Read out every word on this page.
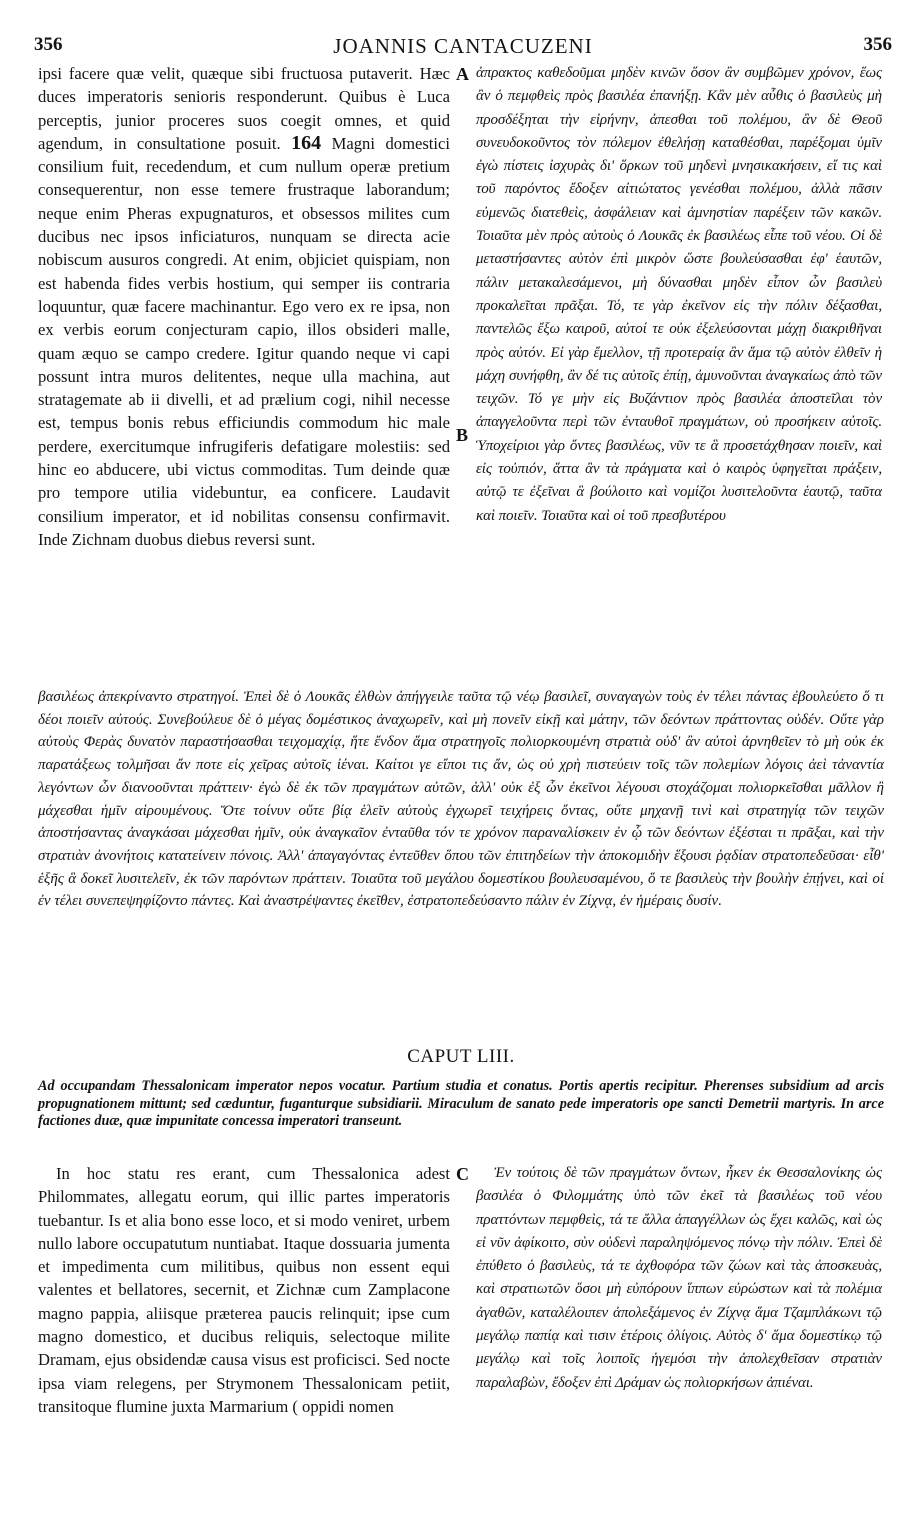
356	JOANNIS CANTACUZENI	356

ipsi facere quæ velit, quæque sibi fructuosa putaverit. Hæc duces imperatoris senioris responderunt. Quibus è Luca perceptis, junior proceres suos coegit omnes, et quid agendum, in consultatione posuit. 164 Magni domestici consilium fuit, recedendum, et cum nullum operæ pretium consequerentur, non esse temere frustraque laborandum; neque enim Pheras expugnaturos, et obsessos milites cum ducibus nec ipsos inficiaturos, nunquam se directa acie nobiscum ausuros congredi. At enim, objiciet quispiam, non est habenda fides verbis hostium, qui semper iis contraria loquuntur, quæ facere machinantur. Ego vero ex re ipsa, non ex verbis eorum conjecturam capio, illos obsideri malle, quam æquo se campo credere. Igitur quando neque vi capi possunt intra muros delitentes, neque ulla machina, aut stratagemate ab ii divelli, et ad prælium cogi, nihil necesse est, tempus bonis rebus efficiundis commodum hic male perdere, exercitumque infrugiferis defatigare molestiis: sed hinc eo abducere, ubi victus commoditas. Tum deinde quæ pro tempore utilia videbuntur, ea conficere. Laudavit consilium imperator, et id nobilitas consensu confirmavit. Inde Zichnam duobus diebus reversi sunt.

A
B

ἀπρακτος καθεδοῦμαι μηδὲν κινῶν ὅσον ἂν συμβῶμεν χρόνον, ἕως ἂν ὁ πεμφθεὶς πρὸς βασιλέα ἐπανήξῃ. Κἂν μὲν αὖθις ὁ βασιλεὺς μὴ προσδέξηται τὴν εἰρήνην, ἀπεσθαι τοῦ πολέμου, ἂν δὲ Θεοῦ συνευδοκοῦντος τὸν πόλεμον ἐθελήσῃ καταθέσθαι, παρέξομαι ὑμῖν ἐγὼ πίστεις ἰσχυρὰς δι' ὅρκων τοῦ μηδενὶ μνησικακήσειν, εἴ τις καὶ τοῦ παρόντος ἔδοξεν αἰτιώτατος γενέσθαι πολέμου, ἀλλὰ πᾶσιν εὐμενῶς διατεθεὶς, ἀσφάλειαν καὶ ἀμνηστίαν παρέξειν τῶν κακῶν. Τοιαῦτα μὲν πρὸς αὐτοὺς ὁ Λουκᾶς ἐκ βασιλέως εἶπε τοῦ νέου. Οἱ δὲ μεταστήσαντες αὐτὸν ἐπὶ μικρὸν ὥστε βουλεύσασθαι ἐφ' ἑαυτῶν, πάλιν μετακαλεσάμενοι, μὴ δύνασθαι μηδὲν εἶπον ὧν βασιλεὺ προκαλεῖται πρᾶξαι. Τό, τε γὰρ ἐκεῖνον εἰς τὴν πόλιν δέξασθαι, παντελῶς ἔξω καιροῦ, αὐτοί τε οὐκ ἐξελεύσονται μάχῃ διακριθῆναι πρὸς αὐτόν. Εἰ γὰρ ἔμελλον, τῇ προτεραίᾳ ἂν ἅμα τῷ αὐτὸν ἐλθεῖν ἡ μάχη συνήφθη, ἂν δέ τις αὐτοῖς ἐπίῃ, ἀμυνοῦνται ἀναγκαίως ἀπὸ τῶν τειχῶν. Τό γε μὴν εἰς Βυζάντιον πρὸς βασιλέα ἀποστεῖλαι τὸν ἀπαγγελοῦντα περὶ τῶν ἐνταυθοῖ πραγμάτων, οὐ προσήκειν αὐτοῖς. Ὑποχείριοι γὰρ ὄντες βασιλέως, νῦν τε ἃ προσετάχθησαν ποιεῖν, καὶ εἰς τοὐπιόν, ἅττα ἂν τὰ πράγματα καὶ ὁ καιρὸς ὑφηγεῖται πράξειν, αὐτῷ τε ἐξεῖναι ἃ βούλοιτο καὶ νομίζοι λυσιτελοῦντα ἑαυτῷ, ταῦτα καὶ ποιεῖν. Τοιαῦτα καὶ οἱ τοῦ πρεσβυτέρου

βασιλέως ἀπεκρίναντο στρατηγοί. Ἐπεὶ δὲ ὁ Λουκᾶς ἐλθὼν ἀπήγγειλε ταῦτα τῷ νέῳ βασιλεῖ, συναγαγὼν τοὺς ἐν τέλει πάντας ἐβουλεύετο ὅ τι δέοι ποιεῖν αὐτούς. Συνεβούλευε δὲ ὁ μέγας δομέστικος ἀναχωρεῖν, καὶ μὴ πονεῖν εἰκῇ καὶ μάτην, τῶν δεόντων πράττοντας οὐδέν. Οὔτε γὰρ αὐτοὺς Φερὰς δυνατὸν παραστήσασθαι τειχομαχίᾳ, ἥτε ἔνδον ἅμα στρατηγοῖς πολιορκουμένη στρατιὰ οὐδ' ἂν αὐτοὶ ἀρνηθεῖεν τὸ μὴ οὐκ ἐκ παρατάξεως τολμῆσαι ἄν ποτε εἰς χεῖρας αὐτοῖς ἰέναι. Καίτοι γε εἴποι τις ἄν, ὡς οὐ χρὴ πιστεύειν τοῖς τῶν πολεμίων λόγοις ἀεὶ τἀναντία λεγόντων ὧν διανοοῦνται πράττειν· ἐγὼ δὲ ἐκ τῶν πραγμάτων αὐτῶν, ἀλλ' οὐκ ἐξ ὧν ἐκεῖνοι λέγουσι στοχάζομαι πολιορκεῖσθαι μᾶλλον ἢ μάχεσθαι ἡμῖν αἱρουμένους. Ὅτε τοίνυν οὔτε βίᾳ ἑλεῖν αὐτοὺς ἐγχωρεῖ τειχήρεις ὄντας, οὔτε μηχανῇ τινὶ καὶ στρατηγίᾳ τῶν τειχῶν ἀποστήσαντας ἀναγκάσαι μάχεσθαι ἡμῖν, οὐκ ἀναγκαῖον ἐνταῦθα τόν τε χρόνον παραναλίσκειν ἐν ᾧ τῶν δεόντων ἐξέσται τι πρᾶξαι, καὶ τὴν στρατιὰν ἀνονήτοις κατατείνειν πόνοις. Ἀλλ' ἀπαγαγόντας ἐντεῦθεν ὅπου τῶν ἐπιτηδείων τὴν ἀποκομιδὴν ἕξουσι ῥᾳδίαν στρατοπεδεῦσαι· εἶθ' ἑξῆς ἃ δοκεῖ λυσιτελεῖν, ἐκ τῶν παρόντων πράττειν. Τοιαῦτα τοῦ μεγάλου δομεστίκου βουλευσαμένου, ὅ τε βασιλεὺς τὴν βουλὴν ἐπῄνει, καὶ οἱ ἐν τέλει συνεπεψηφίζοντο πάντες. Καὶ ἀναστρέψαντες ἐκεῖθεν, ἐστρατοπεδεύσαντο πάλιν ἐν Ζίχνᾳ, ἐν ἡμέραις δυσίν.

CAPUT LIII.
Ad occupandam Thessalonicam imperator nepos vocatur. Partium studia et conatus. Portis apertis recipitur. Pherenses subsidium ad arcis propugnationem mittunt; sed cæduntur, fuganturque subsidiarii. Miraculum de sanato pede imperatoris ope sancti Demetrii martyris. In arce factiones duæ, quæ impunitate concessa imperatori transeunt.

In hoc statu res erant, cum Thessalonica adest Philommates, allegatu eorum, qui illic partes imperatoris tuebantur. Is et alia bono esse loco, et si modo veniret, urbem nullo labore occupatutum nuntiabat. Itaque dossuaria jumenta et impedimenta cum militibus, quibus non essent equi valentes et bellatores, secernit, et Zichnæ cum Zamplacone magno pappia, aliisque præterea paucis relinquit; ipse cum magno domestico, et ducibus reliquis, selectoque milite Dramam, ejus obsidendæ causa visus est proficisci. Sed nocte ipsa viam relegens, per Strymonem Thessalonicam petiit, transitoque flumine juxta Marmarium ( oppidi nomen

C	Ἐν τούτοις δὲ τῶν πραγμάτων ὄντων, ἧκεν ἐκ Θεσσαλονίκης ὡς βασιλέα ὁ Φιλομμάτης ὑπὸ τῶν ἐκεῖ τὰ βασιλέως τοῦ νέου πραττόντων πεμφθεὶς, τά τε ἄλλα ἀπαγγέλλων ὡς ἔχει καλῶς, καὶ ὡς εἰ νῦν ἀφίκοιτο, σὺν οὐδενὶ παραληψόμενος πόνῳ τὴν πόλιν. Ἐπεὶ δὲ ἐπύθετο ὁ βασιλεὺς, τά τε ἀχθοφόρα τῶν ζώων καὶ τὰς ἀποσκευὰς, καὶ στρατιωτῶν ὅσοι μὴ εὐπόρουν ἵππων εὐρώστων καὶ τὰ πολέμια ἀγαθῶν, καταλέλοιπεν ἀπολεξάμενος ἐν Ζίχνᾳ ἅμα Τζαμπλάκωνι τῷ μεγάλῳ παπίᾳ καὶ τισιν ἑτέροις ὀλίγοις. Αὐτὸς δ' ἅμα δομεστίκῳ τῷ μεγάλῳ καὶ τοῖς λοιποῖς ἡγεμόσι τὴν ἀπολεχθεῖσαν στρατιὰν παραλαβὼν, ἔδοξεν ἐπὶ Δράμαν ὡς πολιορκήσων ἀπιέναι.
